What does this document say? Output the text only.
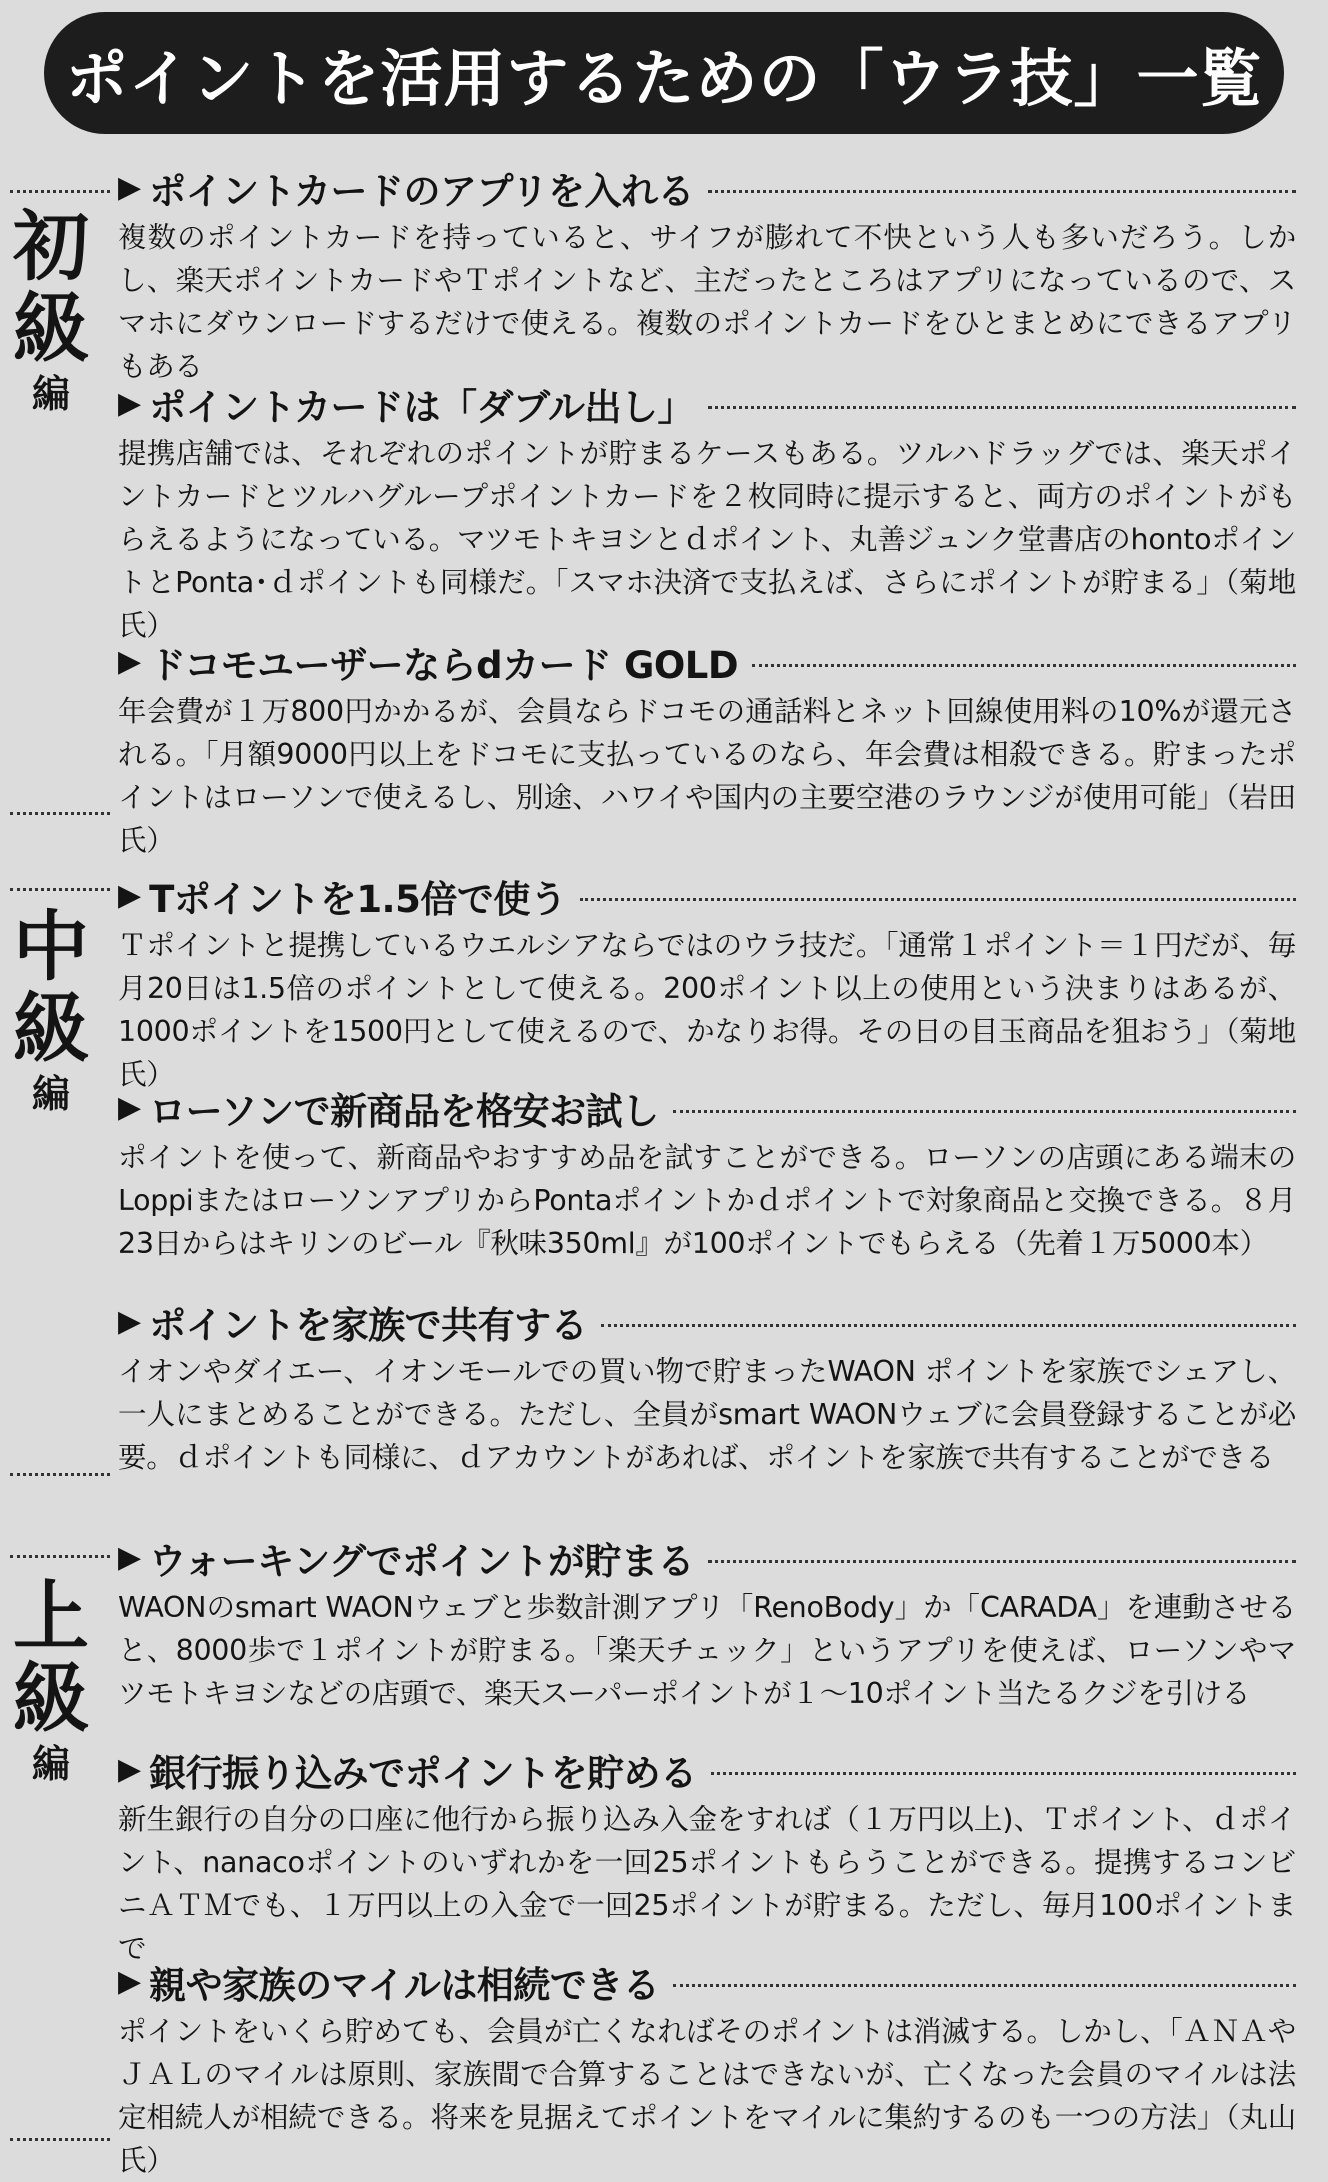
ポイントを活用するための「ウラ技」一覧
初
級
編
中
級
編
上
級
編
▶ ポイントカードのアプリを入れる
複数のポイントカードを持っていると、サイフが膨れて不快という人も多いだろう。しかし、楽天ポイントカードやＴポイントなど、主だったところはアプリになっているので、スマホにダウンロードするだけで使える。複数のポイントカードをひとまとめにできるアプリもある
▶ ポイントカードは「ダブル出し」
提携店舗では、それぞれのポイントが貯まるケースもある。ツルハドラッグでは、楽天ポイントカードとツルハグループポイントカードを２枚同時に提示すると、両方のポイントがもらえるようになっている。マツモトキヨシとｄポイント、丸善ジュンク堂書店のhontoポイントとPonta･ｄポイントも同様だ。「スマホ決済で支払えば、さらにポイントが貯まる」（菊地氏）
▶ ドコモユーザーならdカード GOLD
年会費が１万800円かかるが、会員ならドコモの通話料とネット回線使用料の10%が還元される。「月額9000円以上をドコモに支払っているのなら、年会費は相殺できる。貯まったポイントはローソンで使えるし、別途、ハワイや国内の主要空港のラウンジが使用可能」（岩田氏）
▶ Tポイントを1.5倍で使う
Ｔポイントと提携しているウエルシアならではのウラ技だ。「通常１ポイント＝１円だが、毎月20日は1.5倍のポイントとして使える。200ポイント以上の使用という決まりはあるが、1000ポイントを1500円として使えるので、かなりお得。その日の目玉商品を狙おう」（菊地氏）
▶ ローソンで新商品を格安お試し
ポイントを使って、新商品やおすすめ品を試すことができる。ローソンの店頭にある端末のLoppiまたはローソンアプリからPontaポイントかｄポイントで対象商品と交換できる。８月23日からはキリンのビール『秋味350ml』が100ポイントでもらえる（先着１万5000本）
▶ ポイントを家族で共有する
イオンやダイエー、イオンモールでの買い物で貯まったWAON ポイントを家族でシェアし、一人にまとめることができる。ただし、全員がsmart WAONウェブに会員登録することが必要。ｄポイントも同様に、ｄアカウントがあれば、ポイントを家族で共有することができる
▶ ウォーキングでポイントが貯まる
WAONのsmart WAONウェブと歩数計測アプリ「RenoBody」か「CARADA」を連動させると、8000歩で１ポイントが貯まる。「楽天チェック」というアプリを使えば、ローソンやマツモトキヨシなどの店頭で、楽天スーパーポイントが１～10ポイント当たるクジを引ける
▶ 銀行振り込みでポイントを貯める
新生銀行の自分の口座に他行から振り込み入金をすれば（１万円以上)、Ｔポイント、ｄポイント、nanacoポイントのいずれかを一回25ポイントもらうことができる。提携するコンビニＡＴＭでも、１万円以上の入金で一回25ポイントが貯まる。ただし、毎月100ポイントまで
▶ 親や家族のマイルは相続できる
ポイントをいくら貯めても、会員が亡くなればそのポイントは消滅する。しかし、「ＡＮＡやＪＡＬのマイルは原則、家族間で合算することはできないが、亡くなった会員のマイルは法定相続人が相続できる。将来を見据えてポイントをマイルに集約するのも一つの方法」（丸山氏）
